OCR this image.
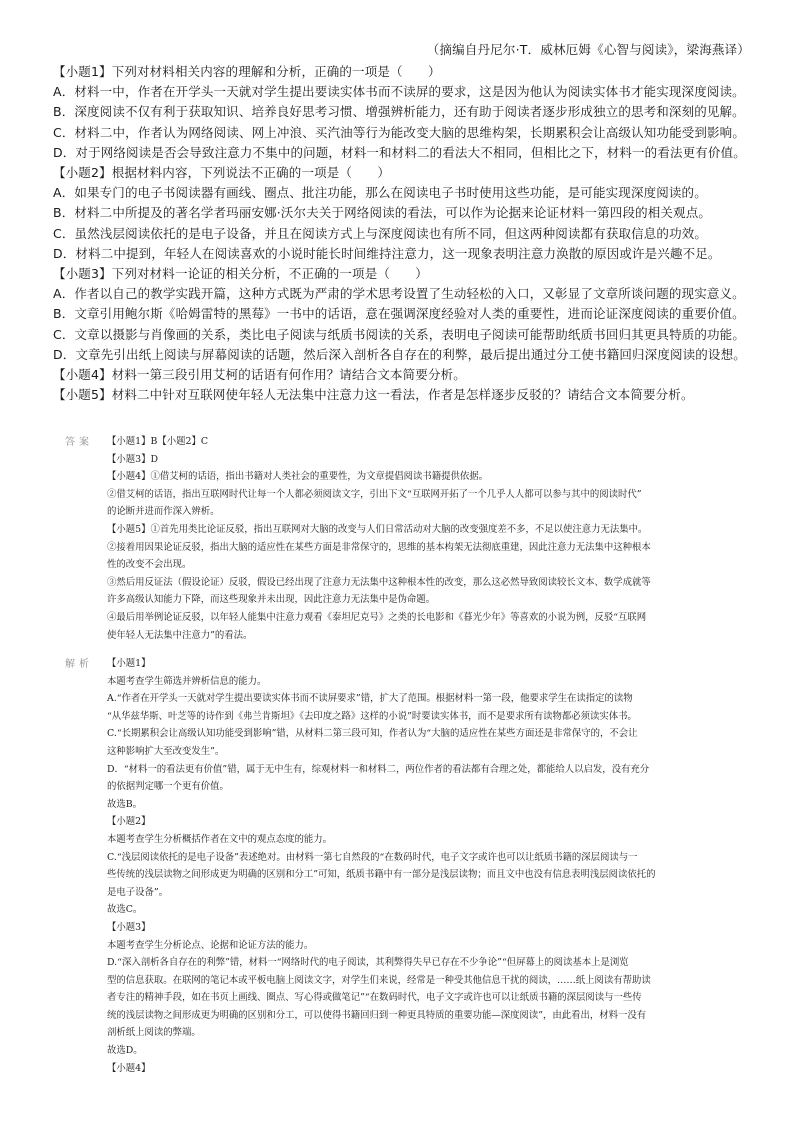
（摘编自丹尼尔·T．威林厄姆《心智与阅读》，梁海燕译）
【小题1】下列对材料相关内容的理解和分析，正确的一项是（　　）
A．材料一中，作者在开学头一天就对学生提出要读实体书而不读屏的要求，这是因为他认为阅读实体书才能实现深度阅读。
B．深度阅读不仅有利于获取知识、培养良好思考习惯、增强辨析能力，还有助于阅读者逐步形成独立的思考和深刻的见解。
C．材料二中，作者认为网络阅读、网上冲浪、买汽油等行为能改变大脑的思维构架，长期累积会让高级认知功能受到影响。
D．对于网络阅读是否会导致注意力不集中的问题，材料一和材料二的看法大不相同，但相比之下，材料一的看法更有价值。
【小题2】根据材料内容，下列说法不正确的一项是（　　）
A．如果专门的电子书阅读器有画线、圈点、批注功能，那么在阅读电子书时使用这些功能，是可能实现深度阅读的。
B．材料二中所提及的著名学者玛丽安娜·沃尔夫关于网络阅读的看法，可以作为论据来论证材料一第四段的相关观点。
C．虽然浅层阅读依托的是电子设备，并且在阅读方式上与深度阅读也有所不同，但这两种阅读都有获取信息的功效。
D．材料二中提到，年轻人在阅读喜欢的小说时能长时间维持注意力，这一现象表明注意力涣散的原因或许是兴趣不足。
【小题3】下列对材料一论证的相关分析，不正确的一项是（　　）
A．作者以自己的教学实践开篇，这种方式既为严肃的学术思考设置了生动轻松的入口，又彰显了文章所谈问题的现实意义。
B．文章引用鲍尔斯《哈姆雷特的黑莓》一书中的话语，意在强调深度经验对人类的重要性，进而论证深度阅读的重要价值。
C．文章以摄影与肖像画的关系，类比电子阅读与纸质书阅读的关系，表明电子阅读可能帮助纸质书回归其更具特质的功能。
D．文章先引出纸上阅读与屏幕阅读的话题，然后深入剖析各自存在的利弊，最后提出通过分工使书籍回归深度阅读的设想。
【小题4】材料一第三段引用艾柯的话语有何作用？请结合文本简要分析。
【小题5】材料二中针对互联网使年轻人无法集中注意力这一看法，作者是怎样逐步反驳的？请结合文本简要分析。
答案 【小题1】B【小题2】C
【小题3】D
【小题4】①借艾柯的话语，指出书籍对人类社会的重要性，为文章提倡阅读书籍提供依据。
②借艾柯的话语，指出互联网时代让每一个人都必须阅读文字，引出下文“互联网开拓了一个几乎人人都可以参与其中的阅读时代”
的论断并进而作深入辨析。
【小题5】①首先用类比论证反驳，指出互联网对大脑的改变与人们日常活动对大脑的改变强度差不多，不足以使注意力无法集中。
②接着用因果论证反驳，指出大脑的适应性在某些方面是非常保守的，思维的基本构架无法彻底重建，因此注意力无法集中这种根本
性的改变不会出现。
③然后用反证法（假设论证）反驳，假设已经出现了注意力无法集中这种根本性的改变，那么这必然导致阅读较长文本、数学成就等
许多高级认知能力下降，而这些现象并未出现，因此注意力无法集中是伪命题。
④最后用举例论证反驳，以年轻人能集中注意力观看《泰坦尼克号》之类的长电影和《暮光少年》等喜欢的小说为例，反驳“互联网
使年轻人无法集中注意力”的看法。
解析 【小题1】
本题考查学生筛选并辨析信息的能力。
A.“作者在开学头一天就对学生提出要读实体书而不读屏要求”错，扩大了范围。根据材料一第一段，他要求学生在读指定的读物
“从华兹华斯、叶芝等的诗作到《弗兰肯斯坦》《去印度之路》这样的小说”时要读实体书，而不是要求所有读物都必须读实体书。
C.“长期累积会让高级认知功能受到影响”错，从材料二第三段可知，作者认为“大脑的适应性在某些方面还是非常保守的，不会让
这种影响扩大至改变发生”。
D．“材料一的看法更有价值”错，属于无中生有，综观材料一和材料二，两位作者的看法都有合理之处，都能给人以启发，没有充分
的依据判定哪一个更有价值。
故选B。
【小题2】
本题考查学生分析概括作者在文中的观点态度的能力。
C.“浅层阅读依托的是电子设备”表述绝对。由材料一第七自然段的“在数码时代，电子文字或许也可以让纸质书籍的深层阅读与一
些传统的浅层读物之间形成更为明确的区别和分工”可知，纸质书籍中有一部分是浅层读物；而且文中也没有信息表明浅层阅读依托的
是电子设备”。
故选C。
【小题3】
本题考查学生分析论点、论据和论证方法的能力。
D.“深入剖析各自存在的利弊”错，材料一“网络时代的电子阅读，其利弊得失早已存在不少争论”“但屏幕上的阅读基本上是浏览
型的信息获取。在联网的笔记本或平板电脑上阅读文字，对学生们来说，经常是一种受其他信息干扰的阅读，……纸上阅读有帮助读
者专注的精神手段，如在书页上画线、圈点、写心得或做笔记”“在数码时代，电子文字或许也可以让纸质书籍的深层阅读与一些传
统的浅层读物之间形成更为明确的区别和分工，可以使得书籍回归到一种更具特质的重要功能—深度阅读”，由此看出，材料一没有
剖析纸上阅读的弊端。
故选D。
【小题4】
